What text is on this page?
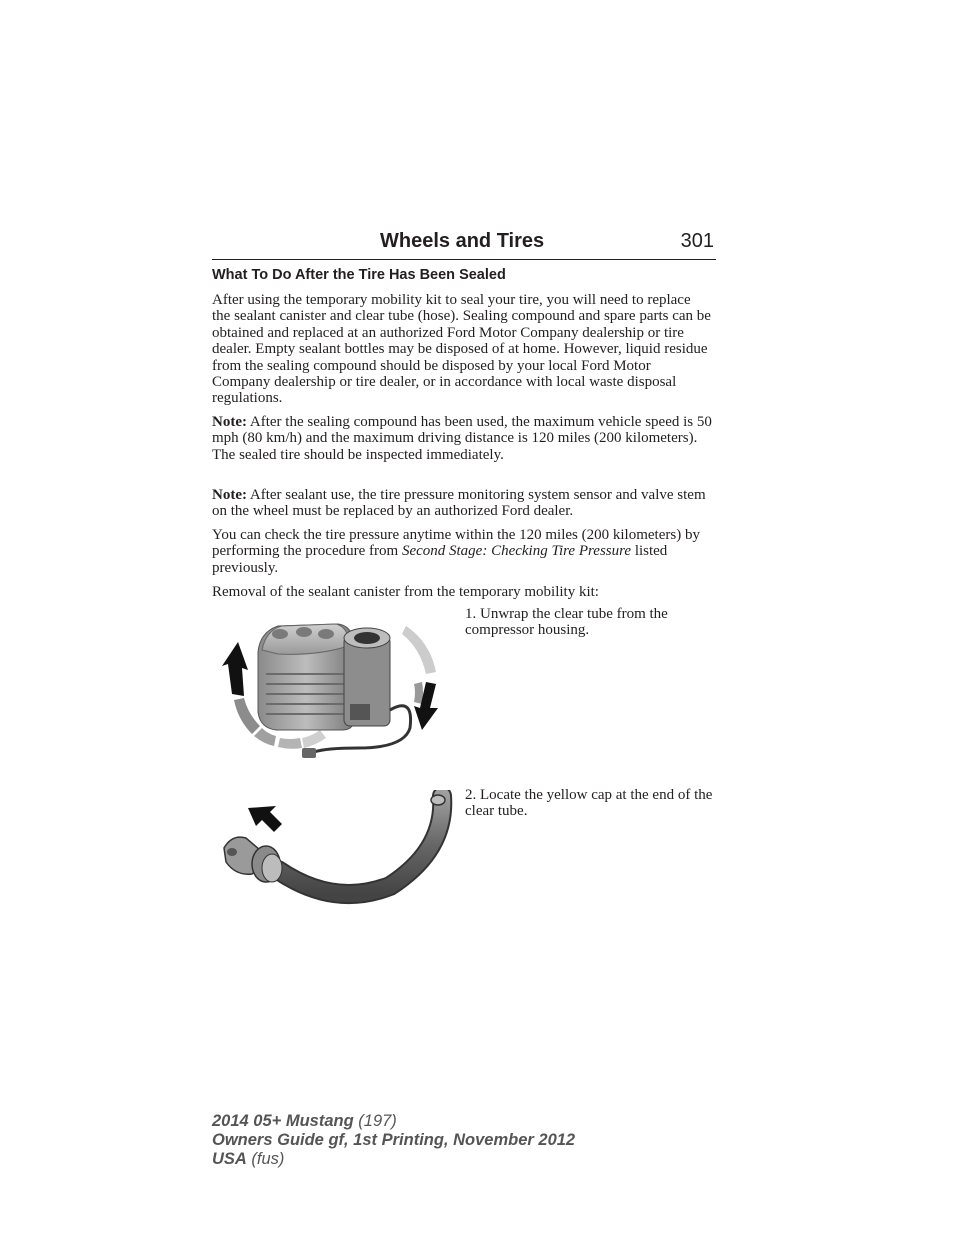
Wheels and Tires	301
What To Do After the Tire Has Been Sealed
After using the temporary mobility kit to seal your tire, you will need to replace the sealant canister and clear tube (hose). Sealing compound and spare parts can be obtained and replaced at an authorized Ford Motor Company dealership or tire dealer. Empty sealant bottles may be disposed of at home. However, liquid residue from the sealing compound should be disposed by your local Ford Motor Company dealership or tire dealer, or in accordance with local waste disposal regulations.
Note: After the sealing compound has been used, the maximum vehicle speed is 50 mph (80 km/h) and the maximum driving distance is 120 miles (200 kilometers). The sealed tire should be inspected immediately.
Note: After sealant use, the tire pressure monitoring system sensor and valve stem on the wheel must be replaced by an authorized Ford dealer.
You can check the tire pressure anytime within the 120 miles (200 kilometers) by performing the procedure from Second Stage: Checking Tire Pressure listed previously.
Removal of the sealant canister from the temporary mobility kit:
1. Unwrap the clear tube from the compressor housing.
2. Locate the yellow cap at the end of the clear tube.
2014 05+ Mustang (197)
Owners Guide gf, 1st Printing, November 2012
USA (fus)
